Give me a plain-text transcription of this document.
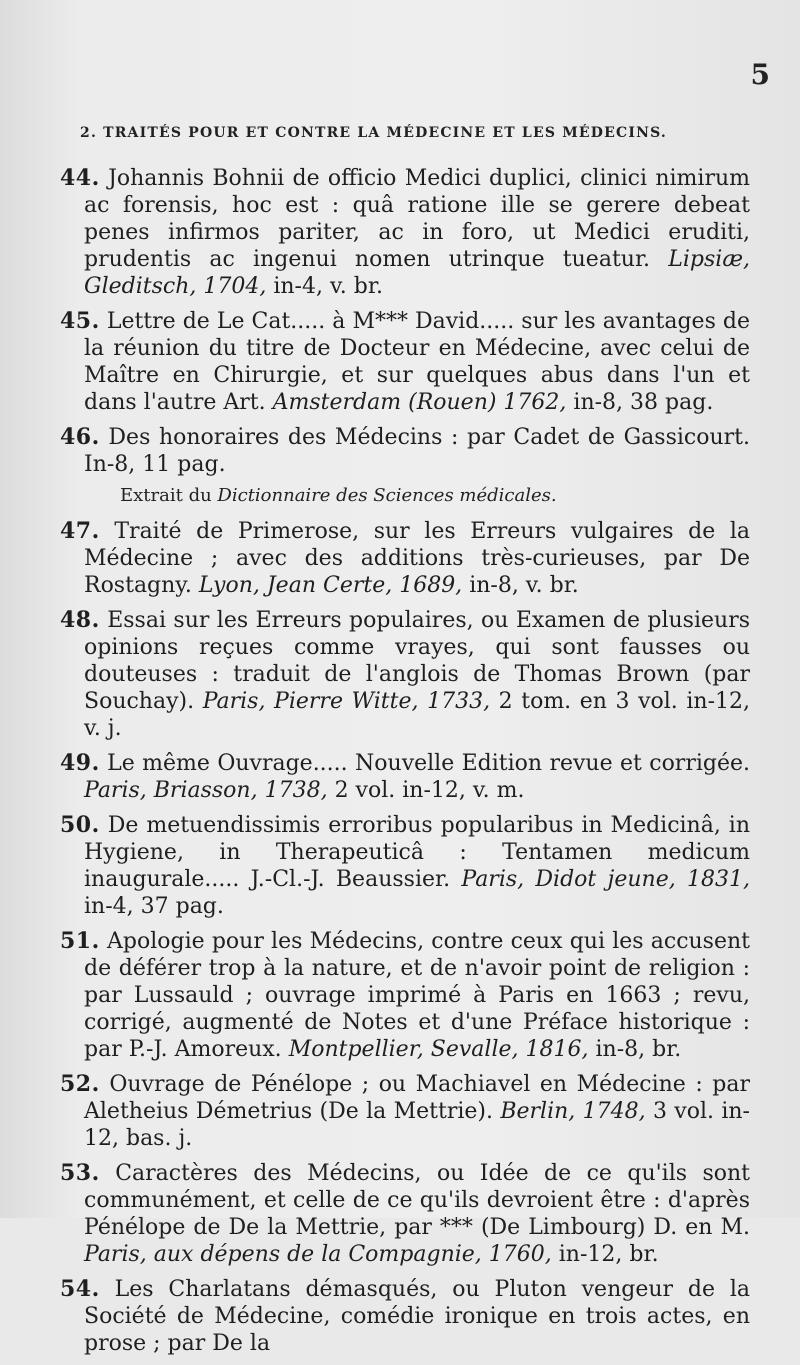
5
2. TRAITÉS POUR ET CONTRE LA MÉDECINE ET LES MÉDECINS.

44. Johannis Bohnii de officio Medici duplici, clinici nimirum ac forensis, hoc est : quâ ratione ille se gerere debeat penes infirmos pariter, ac in foro, ut Medici eruditi, prudentis ac ingenui nomen utrinque tueatur. Lipsiæ, Gleditsch, 1704, in-4, v. br.

45. Lettre de Le Cat..... à M*** David..... sur les avantages de la réunion du titre de Docteur en Médecine, avec celui de Maître en Chirurgie, et sur quelques abus dans l'un et dans l'autre Art. Amsterdam (Rouen) 1762, in-8, 38 pag.

46. Des honoraires des Médecins : par Cadet de Gassicourt. In-8, 11 pag.

Extrait du Dictionnaire des Sciences médicales.

47. Traité de Primerose, sur les Erreurs vulgaires de la Médecine ; avec des additions très-curieuses, par De Rostagny. Lyon, Jean Certe, 1689, in-8, v. br.

48. Essai sur les Erreurs populaires, ou Examen de plusieurs opinions reçues comme vrayes, qui sont fausses ou douteuses : traduit de l'anglois de Thomas Brown (par Souchay). Paris, Pierre Witte, 1733, 2 tom. en 3 vol. in-12, v. j.

49. Le même Ouvrage..... Nouvelle Edition revue et corrigée. Paris, Briasson, 1738, 2 vol. in-12, v. m.

50. De metuendissimis erroribus popularibus in Medicinâ, in Hygiene, in Therapeuticâ : Tentamen medicum inaugurale..... J.-Cl.-J. Beaussier. Paris, Didot jeune, 1831, in-4, 37 pag.

51. Apologie pour les Médecins, contre ceux qui les accusent de déférer trop à la nature, et de n'avoir point de religion : par Lussauld ; ouvrage imprimé à Paris en 1663 ; revu, corrigé, augmenté de Notes et d'une Préface historique : par P.-J. Amoreux. Montpellier, Sevalle, 1816, in-8, br.

52. Ouvrage de Pénélope ; ou Machiavel en Médecine : par Aletheius Démetrius (De la Mettrie). Berlin, 1748, 3 vol. in-12, bas. j.

53. Caractères des Médecins, ou Idée de ce qu'ils sont communément, et celle de ce qu'ils devroient être : d'après Pénélope de De la Mettrie, par *** (De Limbourg) D. en M. Paris, aux dépens de la Compagnie, 1760, in-12, br.

54. Les Charlatans démasqués, ou Pluton vengeur de la Société de Médecine, comédie ironique en trois actes, en prose ; par De la
